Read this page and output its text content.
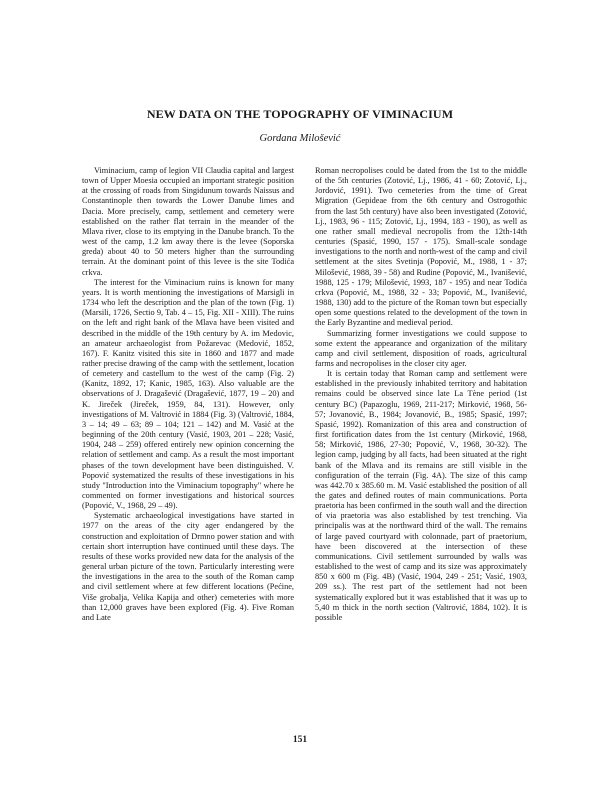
NEW DATA ON THE TOPOGRAPHY OF VIMINACIUM
Gordana Milošević

Viminacium, camp of legion VII Claudia capital and largest town of Upper Moesia occupied an important strategic position at the crossing of roads from Singidunum towards Naissus and Constantinople then towards the Lower Danube limes and Dacia. More precisely, camp, settlement and cemetery were established on the rather flat terrain in the meander of the Mlava river, close to its emptying in the Danube branch. To the west of the camp, 1.2 km away there is the levee (Soporska greda) about 40 to 50 meters higher than the surrounding terrain. At the dominant point of this levee is the site Todića crkva.

The interest for the Viminacium ruins is known for many years. It is worth mentioning the investigations of Marsigli in 1734 who left the description and the plan of the town (Fig. 1) (Marsili, 1726, Sectio 9, Tab. 4 – 15, Fig. XII - XIII). The ruins on the left and right bank of the Mlava have been visited and described in the middle of the 19th century by A. im Medovic, an amateur archaeologist from Požarevac (Medović, 1852, 167). F. Kanitz visited this site in 1860 and 1877 and made rather precise drawing of the camp with the settlement, location of cemetery and castellum to the west of the camp (Fig. 2) (Kanitz, 1892, 17; Kanic, 1985, 163). Also valuable are the observations of J. Dragašević (Dragašević, 1877, 19 – 20) and K. Jireček (Jireček, 1959, 84, 131). However, only investigations of M. Valtrović in 1884 (Fig. 3) (Valtrović, 1884, 3 – 14; 49 – 63; 89 – 104; 121 – 142) and M. Vasić at the beginning of the 20th century (Vasić, 1903, 201 – 228; Vasić, 1904, 248 – 259) offered entirely new opinion concerning the relation of settlement and camp. As a result the most important phases of the town development have been distinguished. V. Popović systematized the results of these investigations in his study "Introduction into the Viminacium topography" where he commented on former investigations and historical sources (Popović, V., 1968, 29 – 49).

Systematic archaeological investigations have started in 1977 on the areas of the city ager endangered by the construction and exploitation of Drmno power station and with certain short interruption have continued until these days. The results of these works provided new data for the analysis of the general urban picture of the town. Particularly interesting were the investigations in the area to the south of the Roman camp and civil settlement where at few different locations (Pećine, Više grobalja, Velika Kapija and other) cemeteries with more than 12,000 graves have been explored (Fig. 4). Five Roman and Late

Roman necropolises could be dated from the 1st to the middle of the 5th centuries (Zotović, Lj., 1986, 41 - 60; Zotović, Lj., Jordović, 1991). Two cemeteries from the time of Great Migration (Gepideae from the 6th century and Ostrogothic from the last 5th century) have also been investigated (Zotović, Lj., 1983, 96 - 115; Zotović, Lj., 1994, 183 - 190), as well as one rather small medieval necropolis from the 12th-14th centuries (Spasić, 1990, 157 - 175). Small-scale sondage investigations to the north and north-west of the camp and civil settlement at the sites Svetinja (Popović, M., 1988, 1 - 37; Milošević, 1988, 39 - 58) and Rudine (Popović, M., Ivanišević, 1988, 125 - 179; Milošević, 1993, 187 - 195) and near Todića crkva (Popović, M., 1988, 32 - 33; Popović, M., Ivanišević, 1988, 130) add to the picture of the Roman town but especially open some questions related to the development of the town in the Early Byzantine and medieval period.

Summarizing former investigations we could suppose to some extent the appearance and organization of the military camp and civil settlement, disposition of roads, agricultural farms and necropolises in the closer city ager.

It is certain today that Roman camp and settlement were established in the previously inhabited territory and habitation remains could be observed since late La Tène period (1st century BC) (Papazoglu, 1969, 211-217; Mirković, 1968, 56-57; Jovanović, B., 1984; Jovanović, B., 1985; Spasić, 1997; Spasić, 1992). Romanization of this area and construction of first fortification dates from the 1st century (Mirković, 1968, 58; Mirković, 1986, 27-30; Popović, V., 1968, 30-32). The legion camp, judging by all facts, had been situated at the right bank of the Mlava and its remains are still visible in the configuration of the terrain (Fig. 4A). The size of this camp was 442.70 x 385.60 m. M. Vasić established the position of all the gates and defined routes of main communications. Porta praetoria has been confirmed in the south wall and the direction of via praetoria was also established by test trenching. Via principalis was at the northward third of the wall. The remains of large paved courtyard with colonnade, part of praetorium, have been discovered at the intersection of these communications. Civil settlement surrounded by walls was established to the west of camp and its size was approximately 850 x 600 m (Fig. 4B) (Vasić, 1904, 249 - 251; Vasić, 1903, 209 ss.). The rest part of the settlement had not been systematically explored but it was established that it was up to 5,40 m thick in the north section (Valtrović, 1884, 102). It is possible

151
